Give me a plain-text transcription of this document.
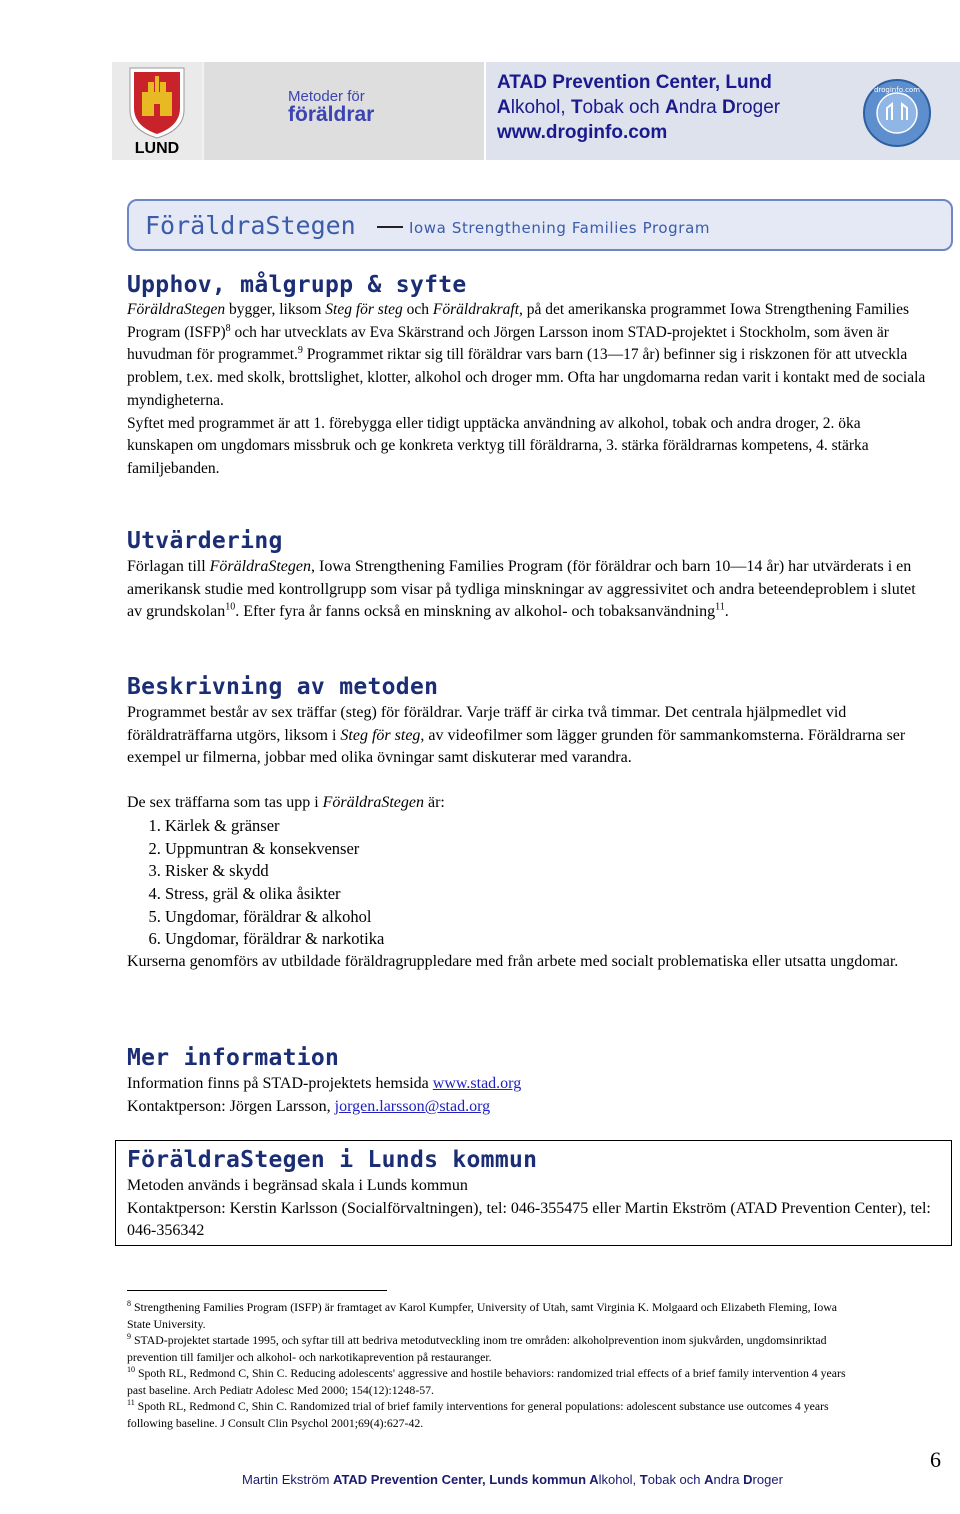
LUND
Metoder för
föräldrar
ATAD Prevention Center, Lund
Alkohol, Tobak och Andra Droger
www.droginfo.com
droginfo.com
FöräldraStegen	Iowa Strengthening Families Program
Upphov, målgrupp & syfte

FöräldraStegen bygger, liksom Steg för steg och Föräldrakraft, på det amerikanska programmet Iowa Strengthening Families Program (ISFP)$^8$ och har utvecklats av Eva Skärstrand och Jörgen Larsson inom STAD-projektet i Stockholm, som även är huvudman för programmet.$^9$ Programmet riktar sig till föräldrar vars barn (13—17 år) befinner sig i riskzonen för att utveckla problem, t.ex. med skolk, brottslighet, klotter, alkohol och droger mm. Ofta har ungdomarna redan varit i kontakt med de sociala myndigheterna.

Syftet med programmet är att 1. förebygga eller tidigt upptäcka användning av alkohol, tobak och andra droger, 2. öka kunskapen om ungdomars missbruk och ge konkreta verktyg till föräldrarna, 3. stärka föräldrarnas kompetens, 4. stärka familjebanden.

Utvärdering

Förlagan till FöräldraStegen, Iowa Strengthening Families Program (för föräldrar och barn 10—14 år) har utvärderats i en amerikansk studie med kontrollgrupp som visar på tydliga minskningar av aggressivitet och andra beteendeproblem i slutet av grundskolan$^{10}$. Efter fyra år fanns också en minskning av alkohol- och tobaksanvändning$^{11}$.

Beskrivning av metoden

Programmet består av sex träffar (steg) för föräldrar. Varje träff är cirka två timmar. Det centrala hjälpmedlet vid föräldraträffarna utgörs, liksom i Steg för steg, av videofilmer som lägger grunden för sammankomsterna. Föräldrarna ser exempel ur filmerna, jobbar med olika övningar samt diskuterar med varandra.

De sex träffarna som tas upp i FöräldraStegen är:

1. Kärlek & gränser
2. Uppmuntran & konsekvenser
3. Risker & skydd
4. Stress, gräl & olika åsikter
5. Ungdomar, föräldrar & alkohol
6. Ungdomar, föräldrar & narkotika

Kurserna genomförs av utbildade föräldragruppledare med från arbete med socialt problematiska eller utsatta ungdomar.

Mer information

Information finns på STAD-projektets hemsida www.stad.org

Kontaktperson: Jörgen Larsson, jorgen.larsson@stad.org

FöräldraStegen i Lunds kommun

Metoden används i begränsad skala i Lunds kommun

Kontaktperson: Kerstin Karlsson (Socialförvaltningen), tel: 046-355475 eller Martin Ekström (ATAD Prevention Center), tel: 046-356342

$^8$ Strengthening Families Program (ISFP) är framtaget av Karol Kumpfer, University of Utah, samt Virginia K. Molgaard och Elizabeth Fleming, Iowa State University.
$^9$ STAD-projektet startade 1995, och syftar till att bedriva metodutveckling inom tre områden: alkoholprevention inom sjukvården, ungdomsinriktad prevention till familjer och alkohol- och narkotikaprevention på restauranger.
$^{10}$ Spoth RL, Redmond C, Shin C. Reducing adolescents' aggressive and hostile behaviors: randomized trial effects of a brief family intervention 4 years past baseline. Arch Pediatr Adolesc Med 2000; 154(12):1248-57.
$^{11}$ Spoth RL, Redmond C, Shin C. Randomized trial of brief family interventions for general populations: adolescent substance use outcomes 4 years following baseline. J Consult Clin Psychol 2001;69(4):627-42.
Martin Ekström ATAD Prevention Center, Lunds kommun Alkohol, Tobak och Andra Droger
6
